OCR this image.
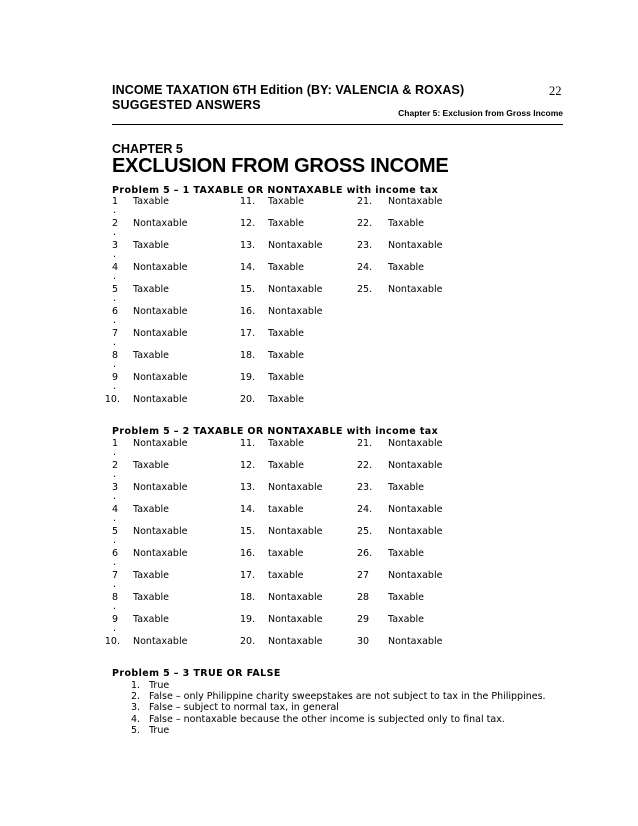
INCOME TAXATION 6TH Edition (BY: VALENCIA & ROXAS)
SUGGESTED ANSWERS
22
Chapter 5: Exclusion from Gross Income
CHAPTER 5
EXCLUSION FROM GROSS INCOME
Problem 5 – 1 TAXABLE OR NONTAXABLE with income tax
1
.
Taxable
2
.
Nontaxable
3
.
Taxable
4
.
Nontaxable
5
.
Taxable
6
.
Nontaxable
7
.
Nontaxable
8
.
Taxable
9
.
Nontaxable
10. Nontaxable
11. Taxable
12. Taxable
13. Nontaxable
14. Taxable
15. Nontaxable
16. Nontaxable
17. Taxable
18. Taxable
19. Taxable
20. Taxable
21. Nontaxable
22. Taxable
23. Nontaxable
24. Taxable
25. Nontaxable
Problem 5 – 2 TAXABLE OR NONTAXABLE with income tax
1
.
Nontaxable
2
.
Taxable
3
.
Nontaxable
4
.
Taxable
5
.
Nontaxable
6
.
Nontaxable
7
.
Taxable
8
.
Taxable
9
.
Taxable
10. Nontaxable
11. Taxable
12. Taxable
13. Nontaxable
14. taxable
15. Nontaxable
16. taxable
17. taxable
18. Nontaxable
19. Nontaxable
20. Nontaxable
21. Nontaxable
22. Nontaxable
23. Taxable
24. Nontaxable
25. Nontaxable
26. Taxable
27 Nontaxable
28 Taxable
29 Taxable
30 Nontaxable
Problem 5 – 3 TRUE OR FALSE
1. True
2. False – only Philippine charity sweepstakes are not subject to tax in the Philippines.
3. False – subject to normal tax, in general
4. False – nontaxable because the other income is subjected only to final tax.
5. True
